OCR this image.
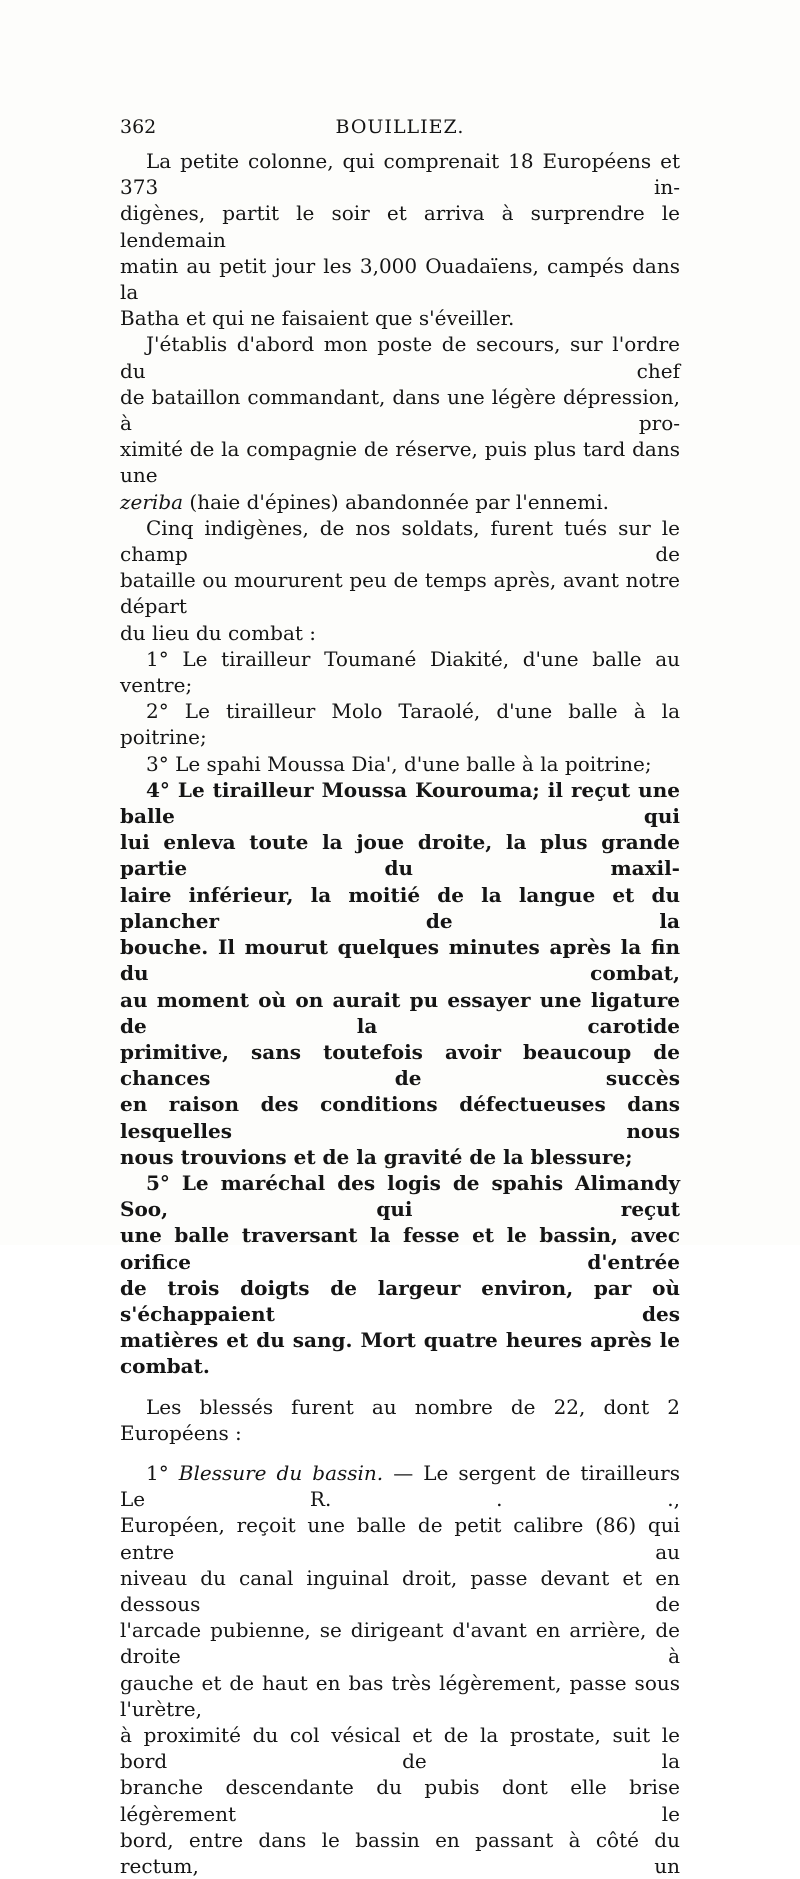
362	BOUILLIEZ.
La petite colonne, qui comprenait 18 Européens et 373 in-
digènes, partit le soir et arriva à surprendre le lendemain
matin au petit jour les 3,000 Ouadaïens, campés dans la
Batha et qui ne faisaient que s'éveiller.
J'établis d'abord mon poste de secours, sur l'ordre du chef
de bataillon commandant, dans une légère dépression, à pro-
ximité de la compagnie de réserve, puis plus tard dans une
zeriba (haie d'épines) abandonnée par l'ennemi.
Cinq indigènes, de nos soldats, furent tués sur le champ de
bataille ou moururent peu de temps après, avant notre départ
du lieu du combat :
1° Le tirailleur Toumané Diakité, d'une balle au ventre;
2° Le tirailleur Molo Taraolé, d'une balle à la poitrine;
3° Le spahi Moussa Dia', d'une balle à la poitrine;
4° Le tirailleur Moussa Kourouma; il reçut une balle qui
lui enleva toute la joue droite, la plus grande partie du maxil-
laire inférieur, la moitié de la langue et du plancher de la
bouche. Il mourut quelques minutes après la fin du combat,
au moment où on aurait pu essayer une ligature de la carotide
primitive, sans toutefois avoir beaucoup de chances de succès
en raison des conditions défectueuses dans lesquelles nous
nous trouvions et de la gravité de la blessure;
5° Le maréchal des logis de spahis Alimandy Soo, qui reçut
une balle traversant la fesse et le bassin, avec orifice d'entrée
de trois doigts de largeur environ, par où s'échappaient des
matières et du sang. Mort quatre heures après le combat.
Les blessés furent au nombre de 22, dont 2 Européens :
1° Blessure du bassin. — Le sergent de tirailleurs Le R. . .,
Européen, reçoit une balle de petit calibre (86) qui entre au
niveau du canal inguinal droit, passe devant et en dessous de
l'arcade pubienne, se dirigeant d'avant en arrière, de droite à
gauche et de haut en bas très légèrement, passe sous l'urètre,
à proximité du col vésical et de la prostate, suit le bord de la
branche descendante du pubis dont elle brise légèrement le
bord, entre dans le bassin en passant à côté du rectum, un
